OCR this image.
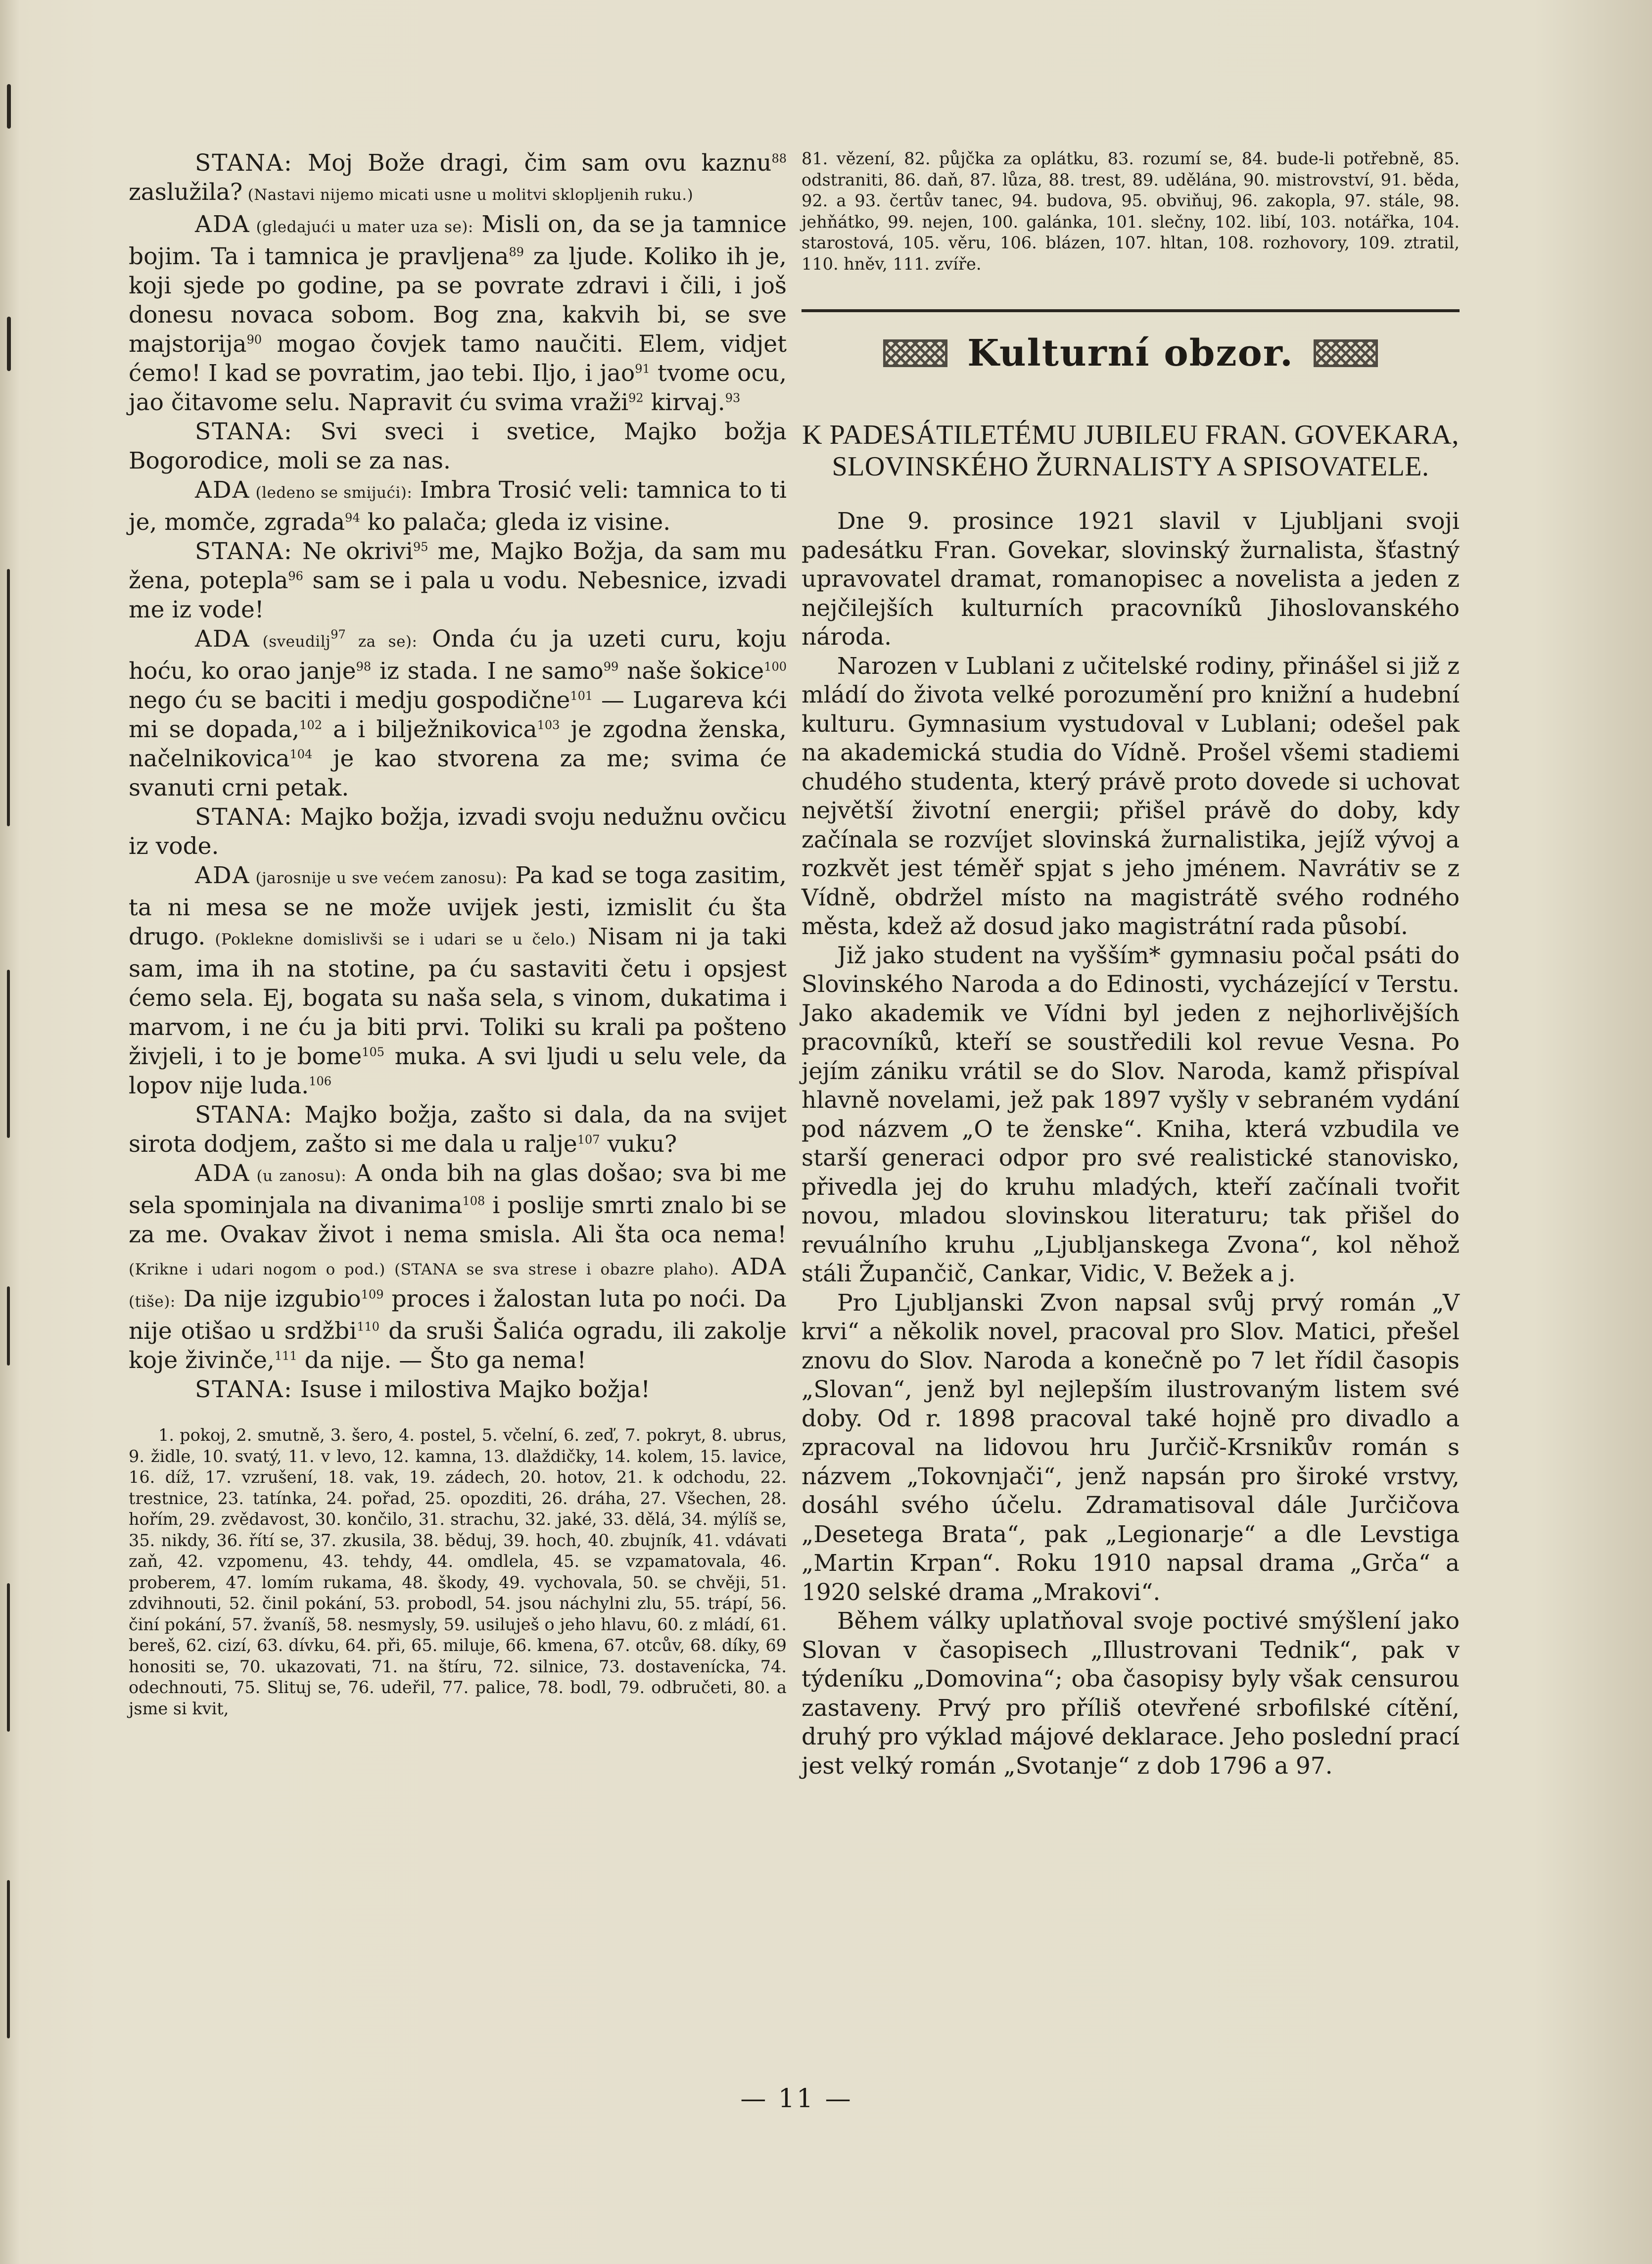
STANA: Moj Bože dragi, čim sam ovu kaznu$^{88}$ zaslužila? (Nastavi nijemo micati usne u molitvi sklopljenih ruku.)

ADA (gledajući u mater uza se): Misli on, da se ja tamnice bojim. Ta i tamnica je pravljena$^{89}$ za ljude. Koliko ih je, koji sjede po godine, pa se povrate zdravi i čili, i još donesu novaca sobom. Bog zna, kakvih bi, se sve majstorija$^{90}$ mogao čovjek tamo naučiti. Elem, vidjet ćemo! I kad se povratim, jao tebi. Iljo, i jao$^{91}$ tvome ocu, jao čitavome selu. Napravit ću svima vraži$^{92}$ kirvaj.$^{93}$

STANA: Svi sveci i svetice, Majko božja Bogorodice, moli se za nas.

ADA (ledeno se smijući): Imbra Trosić veli: tamnica to ti je, momče, zgrada$^{94}$ ko palača; gleda iz visine.

STANA: Ne okrivi$^{95}$ me, Majko Božja, da sam mu žena, potepla$^{96}$ sam se i pala u vodu. Nebesnice, izvadi me iz vode!

ADA (sveudilj$^{97}$ za se): Onda ću ja uzeti curu, koju hoću, ko orao janje$^{98}$ iz stada. I ne samo$^{99}$ naše šokice$^{100}$ nego ću se baciti i medju gospodične$^{101}$ — Lugareva kći mi se dopada,$^{102}$ a i bilježnikovica$^{103}$ je zgodna ženska, načelnikovica$^{104}$ je kao stvorena za me; svima će svanuti crni petak.

STANA: Majko božja, izvadi svoju nedužnu ovčicu iz vode.

ADA (jarosnije u sve većem zanosu): Pa kad se toga zasitim, ta ni mesa se ne može uvijek jesti, izmislit ću šta drugo. (Poklekne domislivši se i udari se u čelo.) Nisam ni ja taki sam, ima ih na stotine, pa ću sastaviti četu i opsjest ćemo sela. Ej, bogata su naša sela, s vinom, dukatima i marvom, i ne ću ja biti prvi. Toliki su krali pa pošteno živjeli, i to je bome$^{105}$ muka. A svi ljudi u selu vele, da lopov nije luda.$^{106}$

STANA: Majko božja, zašto si dala, da na svijet sirota dodjem, zašto si me dala u ralje$^{107}$ vuku?

ADA (u zanosu): A onda bih na glas došao; sva bi me sela spominjala na divanima$^{108}$ i poslije smrti znalo bi se za me. Ovakav život i nema smisla. Ali šta oca nema! (Krikne i udari nogom o pod.) (STANA se sva strese i obazre plaho). ADA (tiše): Da nije izgubio$^{109}$ proces i žalostan luta po noći. Da nije otišao u srdžbi$^{110}$ da sruši Šalića ogradu, ili zakolje koje živinče,$^{111}$ da nije. — Što ga nema!

STANA: Isuse i milostiva Majko božja!

1. pokoj, 2. smutně, 3. šero, 4. postel, 5. včelní, 6. zeď, 7. pokryt, 8. ubrus, 9. židle, 10. svatý, 11. v levo, 12. kamna, 13. dlaždičky, 14. kolem, 15. lavice, 16. díž, 17. vzrušení, 18. vak, 19. zádech, 20. hotov, 21. k odchodu, 22. trestnice, 23. tatínka, 24. pořad, 25. opozditi, 26. dráha, 27. Všechen, 28. hořím, 29. zvědavost, 30. končilo, 31. strachu, 32. jaké, 33. dělá, 34. mýlíš se, 35. nikdy, 36. řítí se, 37. zkusila, 38. běduj, 39. hoch, 40. zbujník, 41. vdávati zaň, 42. vzpomenu, 43. tehdy, 44. omdlela, 45. se vzpamatovala, 46. proberem, 47. lomím rukama, 48. škody, 49. vychovala, 50. se chvěji, 51. zdvihnouti, 52. činil pokání, 53. probodl, 54. jsou náchylni zlu, 55. trápí, 56. činí pokání, 57. žvaníš, 58. nesmysly, 59. usiluješ o jeho hlavu, 60. z mládí, 61. bereš, 62. cizí, 63. dívku, 64. při, 65. miluje, 66. kmena, 67. otcův, 68. díky, 69 honositi se, 70. ukazovati, 71. na štíru, 72. silnice, 73. dostavenícka, 74. odechnouti, 75. Slituj se, 76. udeřil, 77. palice, 78. bodl, 79. odbručeti, 80. a jsme si kvit,
81. vězení, 82. půjčka za oplátku, 83. rozumí se, 84. bude-li potřebně, 85. odstraniti, 86. daň, 87. lůza, 88. trest, 89. udělána, 90. mistrovství, 91. běda, 92. a 93. čertův tanec, 94. budova, 95. obviňuj, 96. zakopla, 97. stále, 98. jehňátko, 99. nejen, 100. galánka, 101. slečny, 102. libí, 103. notářka, 104. starostová, 105. věru, 106. blázen, 107. hltan, 108. rozhovory, 109. ztratil, 110. hněv, 111. zvíře.
Kulturní obzor.
K PADESÁTILETÉMU JUBILEU FRAN. GOVEKARA, SLOVINSKÉHO ŽURNALISTY A SPISOVATELE.

Dne 9. prosince 1921 slavil v Ljubljani svoji padesátku Fran. Govekar, slovinský žurnalista, šťastný upravovatel dramat, romanopisec a novelista a jeden z nejčilejších kulturních pracovníků Jihoslovanského národa.

Narozen v Lublani z učitelské rodiny, přinášel si již z mládí do života velké porozumění pro knižní a hudební kulturu. Gymnasium vystudoval v Lublani; odešel pak na akademická studia do Vídně. Prošel všemi stadiemi chudého studenta, který právě proto dovede si uchovat největší životní energii; přišel právě do doby, kdy začínala se rozvíjet slovinská žurnalistika, jejíž vývoj a rozkvět jest téměř spjat s jeho jménem. Navrátiv se z Vídně, obdržel místo na magistrátě svého rodného města, kdež až dosud jako magistrátní rada působí.

Již jako student na vyšším* gymnasiu počal psáti do Slovinského Naroda a do Edinosti, vycházející v Terstu. Jako akademik ve Vídni byl jeden z nejhorlivějších pracovníků, kteří se soustředili kol revue Vesna. Po jejím zániku vrátil se do Slov. Naroda, kamž přispíval hlavně novelami, jež pak 1897 vyšly v sebraném vydání pod názvem „O te ženske“. Kniha, která vzbudila ve starší generaci odpor pro své realistické stanovisko, přivedla jej do kruhu mladých, kteří začínali tvořit novou, mladou slovinskou literaturu; tak přišel do revuálního kruhu „Ljubljanskega Zvona“, kol něhož stáli Župančič, Cankar, Vidic, V. Bežek a j.

Pro Ljubljanski Zvon napsal svůj prvý román „V krvi“ a několik novel, pracoval pro Slov. Matici, přešel znovu do Slov. Naroda a konečně po 7 let řídil časopis „Slovan“, jenž byl nejlepším ilustrovaným listem své doby. Od r. 1898 pracoval také hojně pro divadlo a zpracoval na lidovou hru Jurčič-Krsnikův román s názvem „Tokovnjači“, jenž napsán pro široké vrstvy, dosáhl svého účelu. Zdramatisoval dále Jurčičova „Desetega Brata“, pak „Legionarje“ a dle Levstiga „Martin Krpan“. Roku 1910 napsal drama „Grča“ a 1920 selské drama „Mrakovi“.

Během války uplatňoval svoje poctivé smýšlení jako Slovan v časopisech „Illustrovani Tednik“, pak v týdeníku „Domovina“; oba časopisy byly však censurou zastaveny. Prvý pro příliš otevřené srbofilské cítění, druhý pro výklad májové deklarace. Jeho poslední prací jest velký román „Svotanje“ z dob 1796 a 97.

— 11 —
